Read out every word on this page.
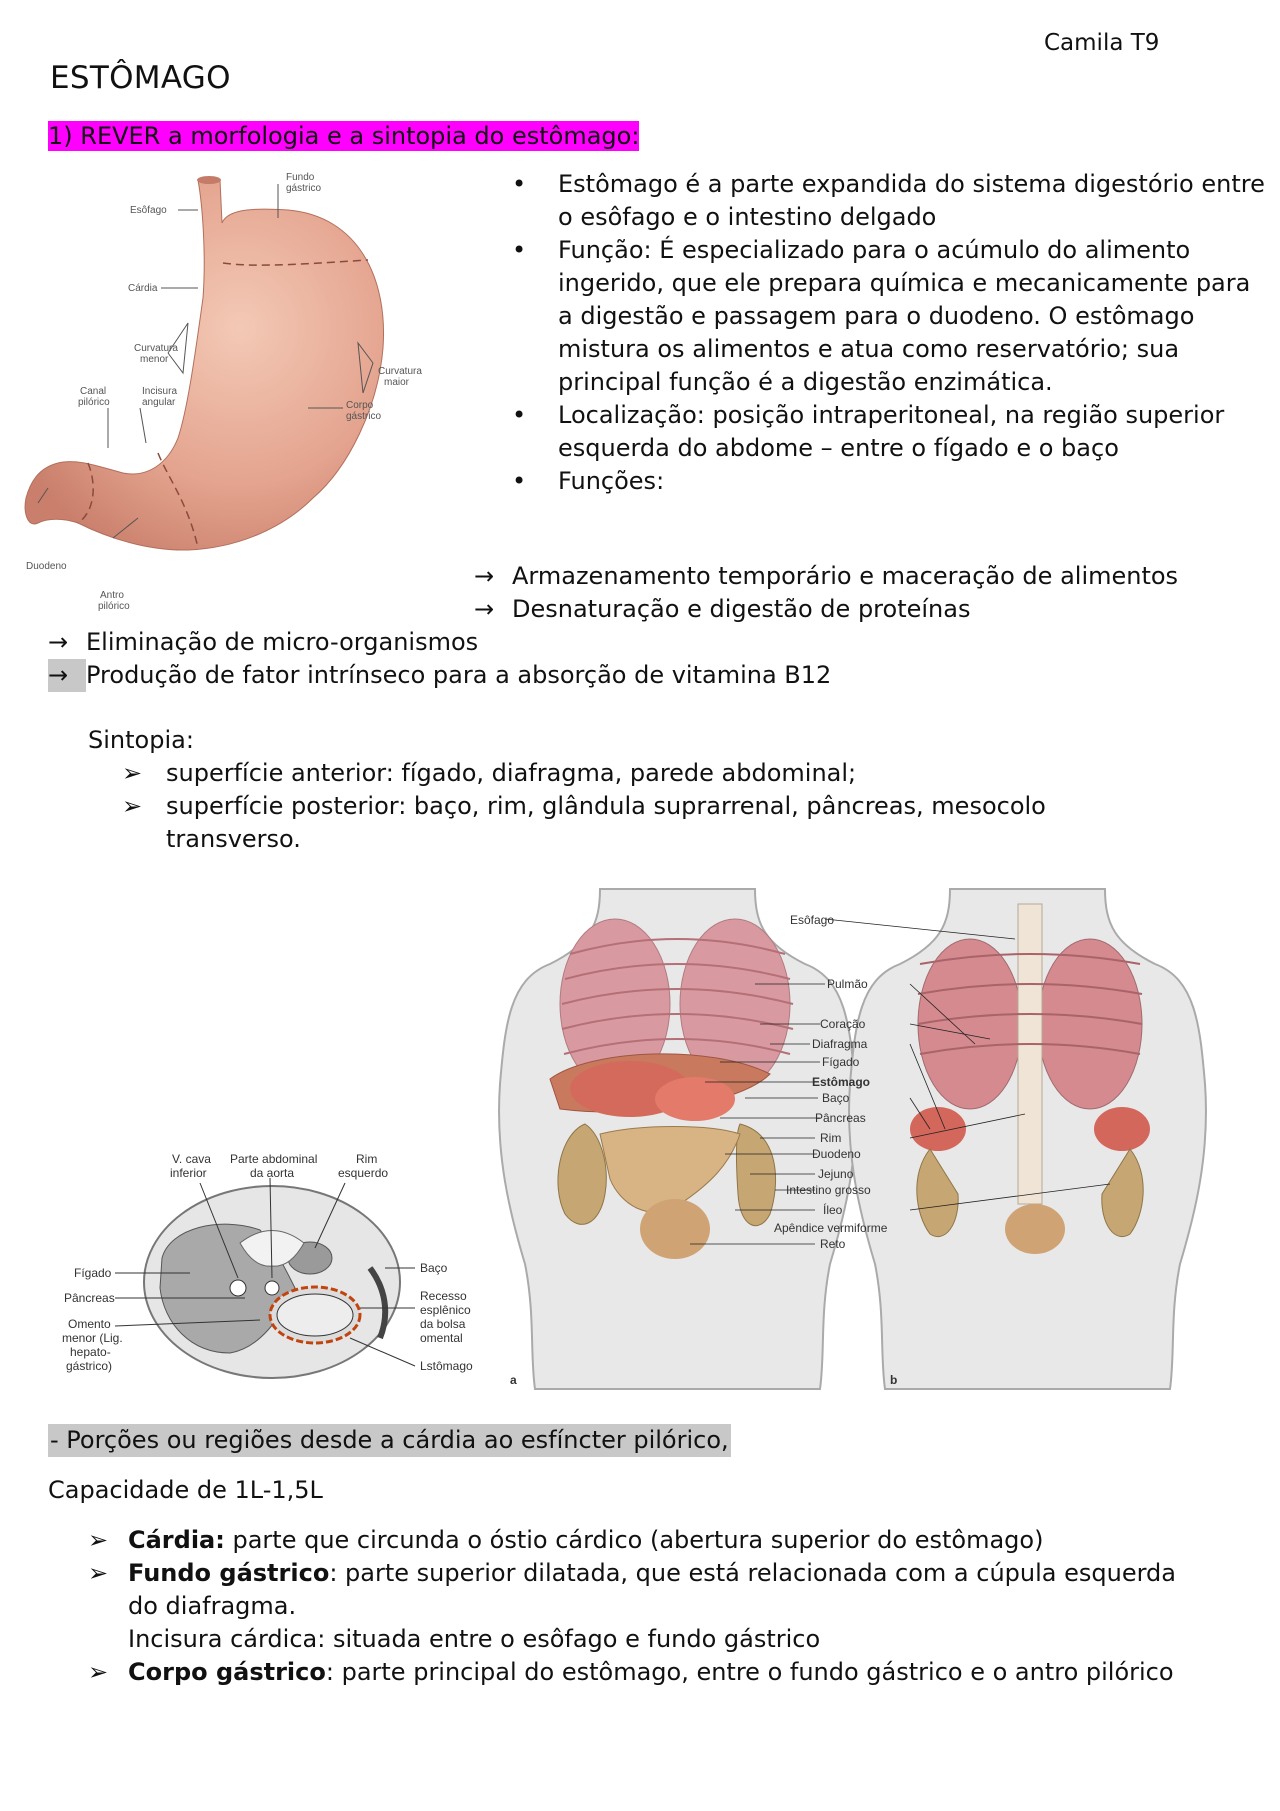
Camila T9
ESTÔMAGO
1) REVER a morfologia e a sintopia do estômago:
Fundo gástrico
Esôfago
Cárdia
Curvatura menor
Curvatura maior
Canal pilórico
Incisura angular	Corpo gástrico
Duodeno
Antro pilórico
• Estômago é a parte expandida do sistema digestório entre o esôfago e o intestino delgado
• Função: É especializado para o acúmulo do alimento ingerido, que ele prepara química e mecanicamente para a digestão e passagem para o duodeno. O estômago mistura os alimentos e atua como reservatório; sua principal função é a digestão enzimática.
• Localização: posição intraperitoneal, na região superior esquerda do abdome – entre o fígado e o baço
• Funções:
→ Armazenamento temporário e maceração de alimentos
→ Desnaturação e digestão de proteínas
→ Eliminação de micro-organismos
→ Produção de fator intrínseco para a absorção de vitamina B12
Sintopia:
➢ superfície anterior: fígado, diafragma, parede abdominal;
➢ superfície posterior: baço, rim, glândula suprarrenal, pâncreas, mesocolo transverso.
V. cava inferior
Parte abdominal da aorta
Rim esquerdo
Fígado
Pâncreas
Omento menor (Lig. hepato-gástrico)
Baço
Recesso esplênico da bolsa omental
Lstômago
Esôfago
Pulmão
Coração
Diafragma
Fígado
Estômago
Baço
Pâncreas
Rim
Duodeno
Jejuno
Intestino grosso
Íleo
Apêndice vermiforme
Reto
a	b
- Porções ou regiões desde a cárdia ao esfíncter pilórico,
Capacidade de 1L-1,5L
➢ Cárdia: parte que circunda o óstio cárdico (abertura superior do estômago)
➢ Fundo gástrico: parte superior dilatada, que está relacionada com a cúpula esquerda do diafragma.
Incisura cárdica: situada entre o esôfago e fundo gástrico
➢ Corpo gástrico: parte principal do estômago, entre o fundo gástrico e o antro pilórico
